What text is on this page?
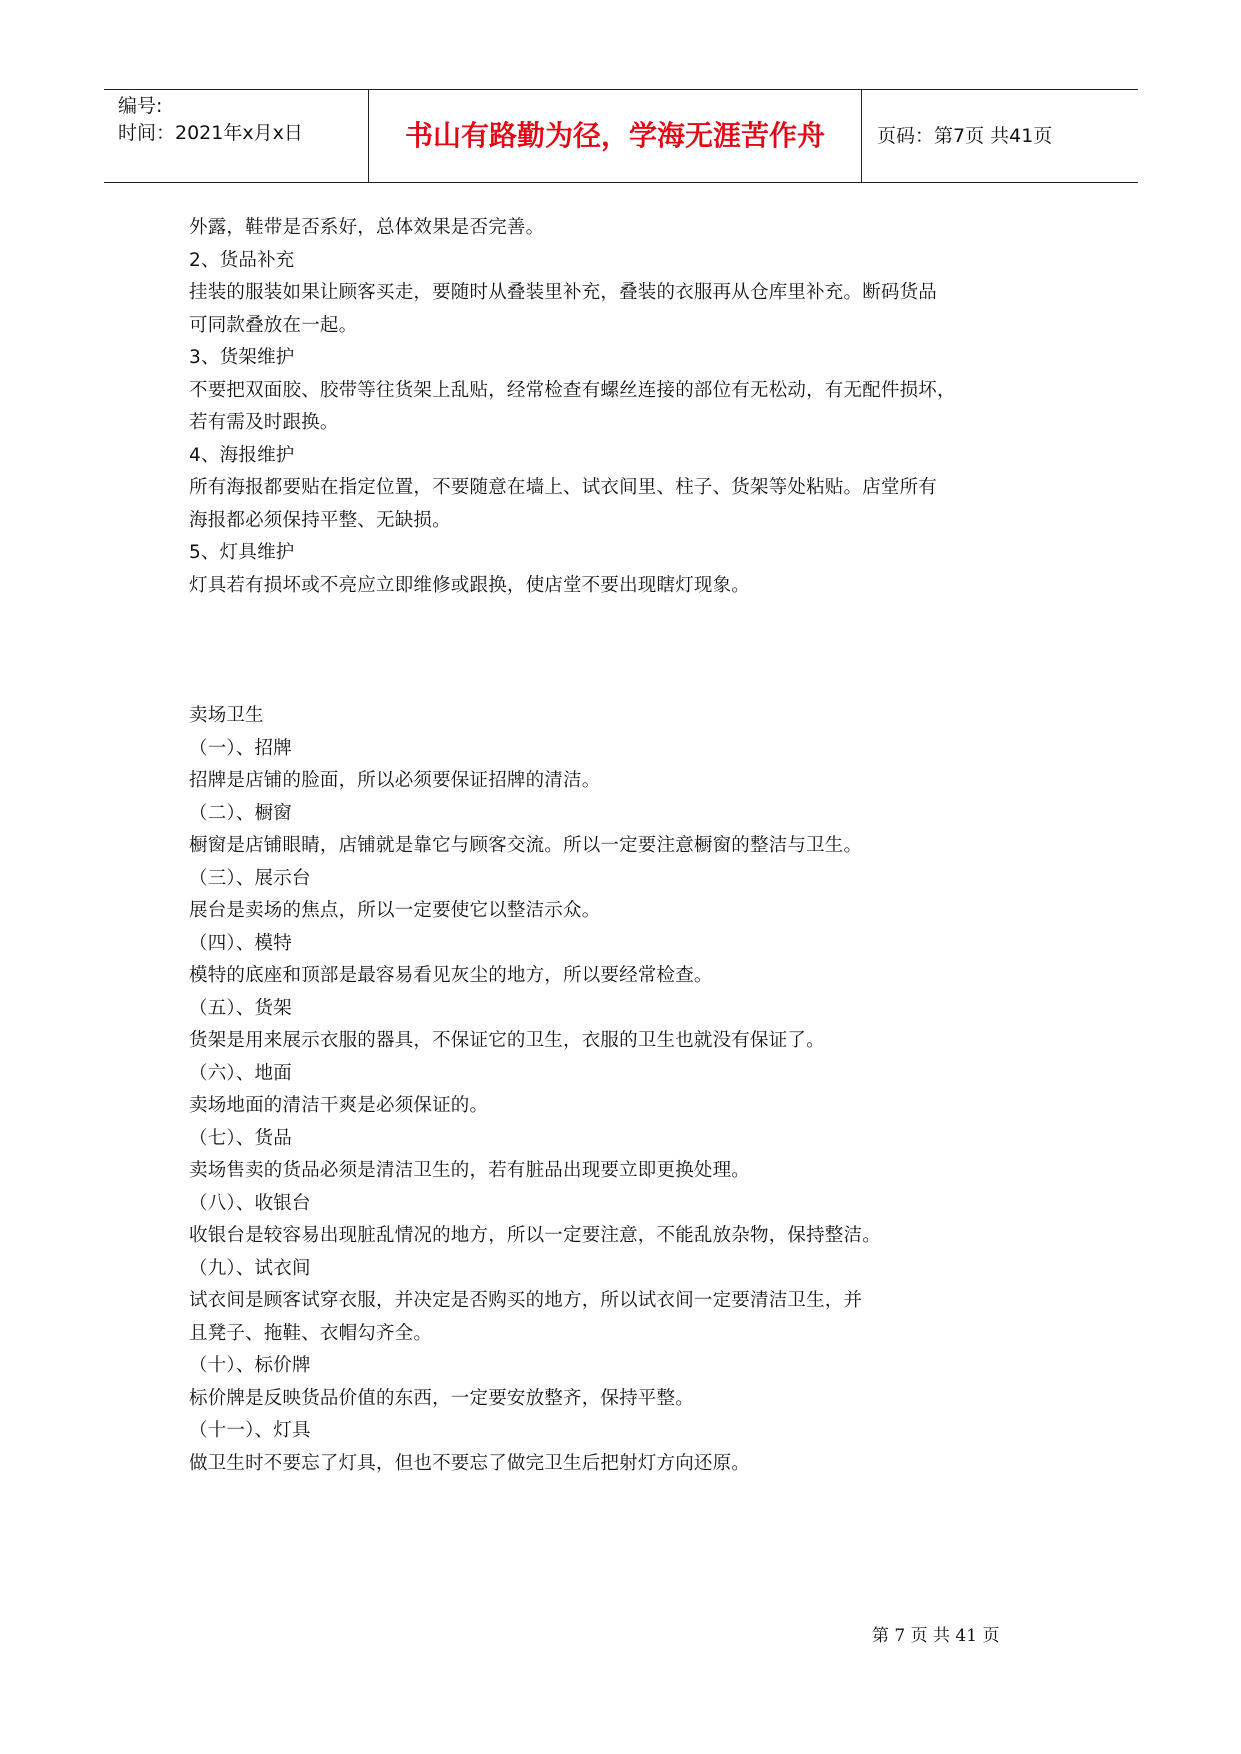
编号:
时间：2021年x月x日	书山有路勤为径，学海无涯苦作舟	页码：第7页 共41页
外露，鞋带是否系好，总体效果是否完善。
2、货品补充
挂装的服装如果让顾客买走，要随时从叠装里补充，叠装的衣服再从仓库里补充。断码货品
可同款叠放在一起。
3、货架维护
不要把双面胶、胶带等往货架上乱贴，经常检查有螺丝连接的部位有无松动，有无配件损坏，
若有需及时跟换。
4、海报维护
所有海报都要贴在指定位置，不要随意在墙上、试衣间里、柱子、货架等处粘贴。店堂所有
海报都必须保持平整、无缺损。
5、灯具维护
灯具若有损坏或不亮应立即维修或跟换，使店堂不要出现瞎灯现象。
卖场卫生
（一）、招牌
招牌是店铺的脸面，所以必须要保证招牌的清洁。
（二）、橱窗
橱窗是店铺眼睛，店铺就是靠它与顾客交流。所以一定要注意橱窗的整洁与卫生。
（三）、展示台
展台是卖场的焦点，所以一定要使它以整洁示众。
（四）、模特
模特的底座和顶部是最容易看见灰尘的地方，所以要经常检查。
（五）、货架
货架是用来展示衣服的器具，不保证它的卫生，衣服的卫生也就没有保证了。
（六）、地面
卖场地面的清洁干爽是必须保证的。
（七）、货品
卖场售卖的货品必须是清洁卫生的，若有脏品出现要立即更换处理。
（八）、收银台
收银台是较容易出现脏乱情况的地方，所以一定要注意，不能乱放杂物，保持整洁。
（九）、试衣间
试衣间是顾客试穿衣服，并决定是否购买的地方，所以试衣间一定要清洁卫生，并
且凳子、拖鞋、衣帽勾齐全。
（十）、标价牌
标价牌是反映货品价值的东西，一定要安放整齐，保持平整。
（十一）、灯具
做卫生时不要忘了灯具，但也不要忘了做完卫生后把射灯方向还原。
第 7 页 共 41 页
